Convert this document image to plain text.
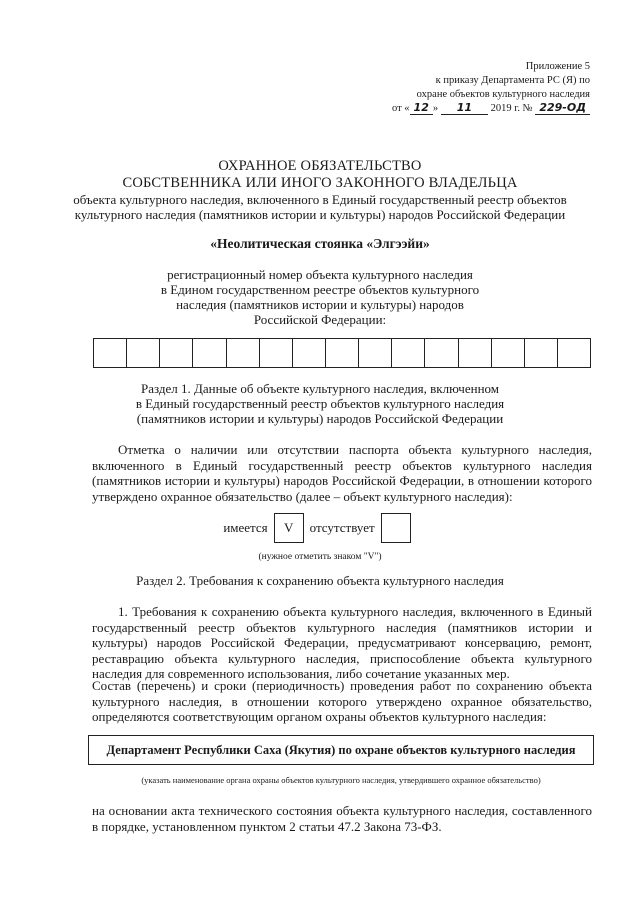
Приложение 5
к приказу Департамента РС (Я) по
охране объектов культурного наследия
от « 12 » 11 2019 г. № 229-ОД
ОХРАННОЕ ОБЯЗАТЕЛЬСТВО
СОБСТВЕННИКА ИЛИ ИНОГО ЗАКОННОГО ВЛАДЕЛЬЦА
объекта культурного наследия, включенного в Единый государственный реестр объектов
культурного наследия (памятников истории и культуры) народов Российской Федерации
«Неолитическая стоянка «Элгээйи»
регистрационный номер объекта культурного наследия
в Едином государственном реестре объектов культурного
наследия (памятников истории и культуры) народов
Российской Федерации:
Раздел 1. Данные об объекте культурного наследия, включенном
в Единый государственный реестр объектов культурного наследия
(памятников истории и культуры) народов Российской Федерации
Отметка о наличии или отсутствии паспорта объекта культурного наследия, включенного в Единый государственный реестр объектов культурного наследия (памятников истории и культуры) народов Российской Федерации, в отношении которого утверждено охранное обязательство (далее – объект культурного наследия):
имеется	V	отсутствует
(нужное отметить знаком "V")
Раздел 2. Требования к сохранению объекта культурного наследия
1. Требования к сохранению объекта культурного наследия, включенного в Единый государственный реестр объектов культурного наследия (памятников истории и культуры) народов Российской Федерации, предусматривают консервацию, ремонт, реставрацию объекта культурного наследия, приспособление объекта культурного наследия для современного использования, либо сочетание указанных мер.
Состав (перечень) и сроки (периодичность) проведения работ по сохранению объекта культурного наследия, в отношении которого утверждено охранное обязательство, определяются соответствующим органом охраны объектов культурного наследия:
Департамент Республики Саха (Якутия) по охране объектов культурного наследия
(указать наименование органа охраны объектов культурного наследия, утвердившего охранное обязательство)
на основании акта технического состояния объекта культурного наследия, составленного в порядке, установленном пунктом 2 статьи 47.2 Закона 73-ФЗ.
